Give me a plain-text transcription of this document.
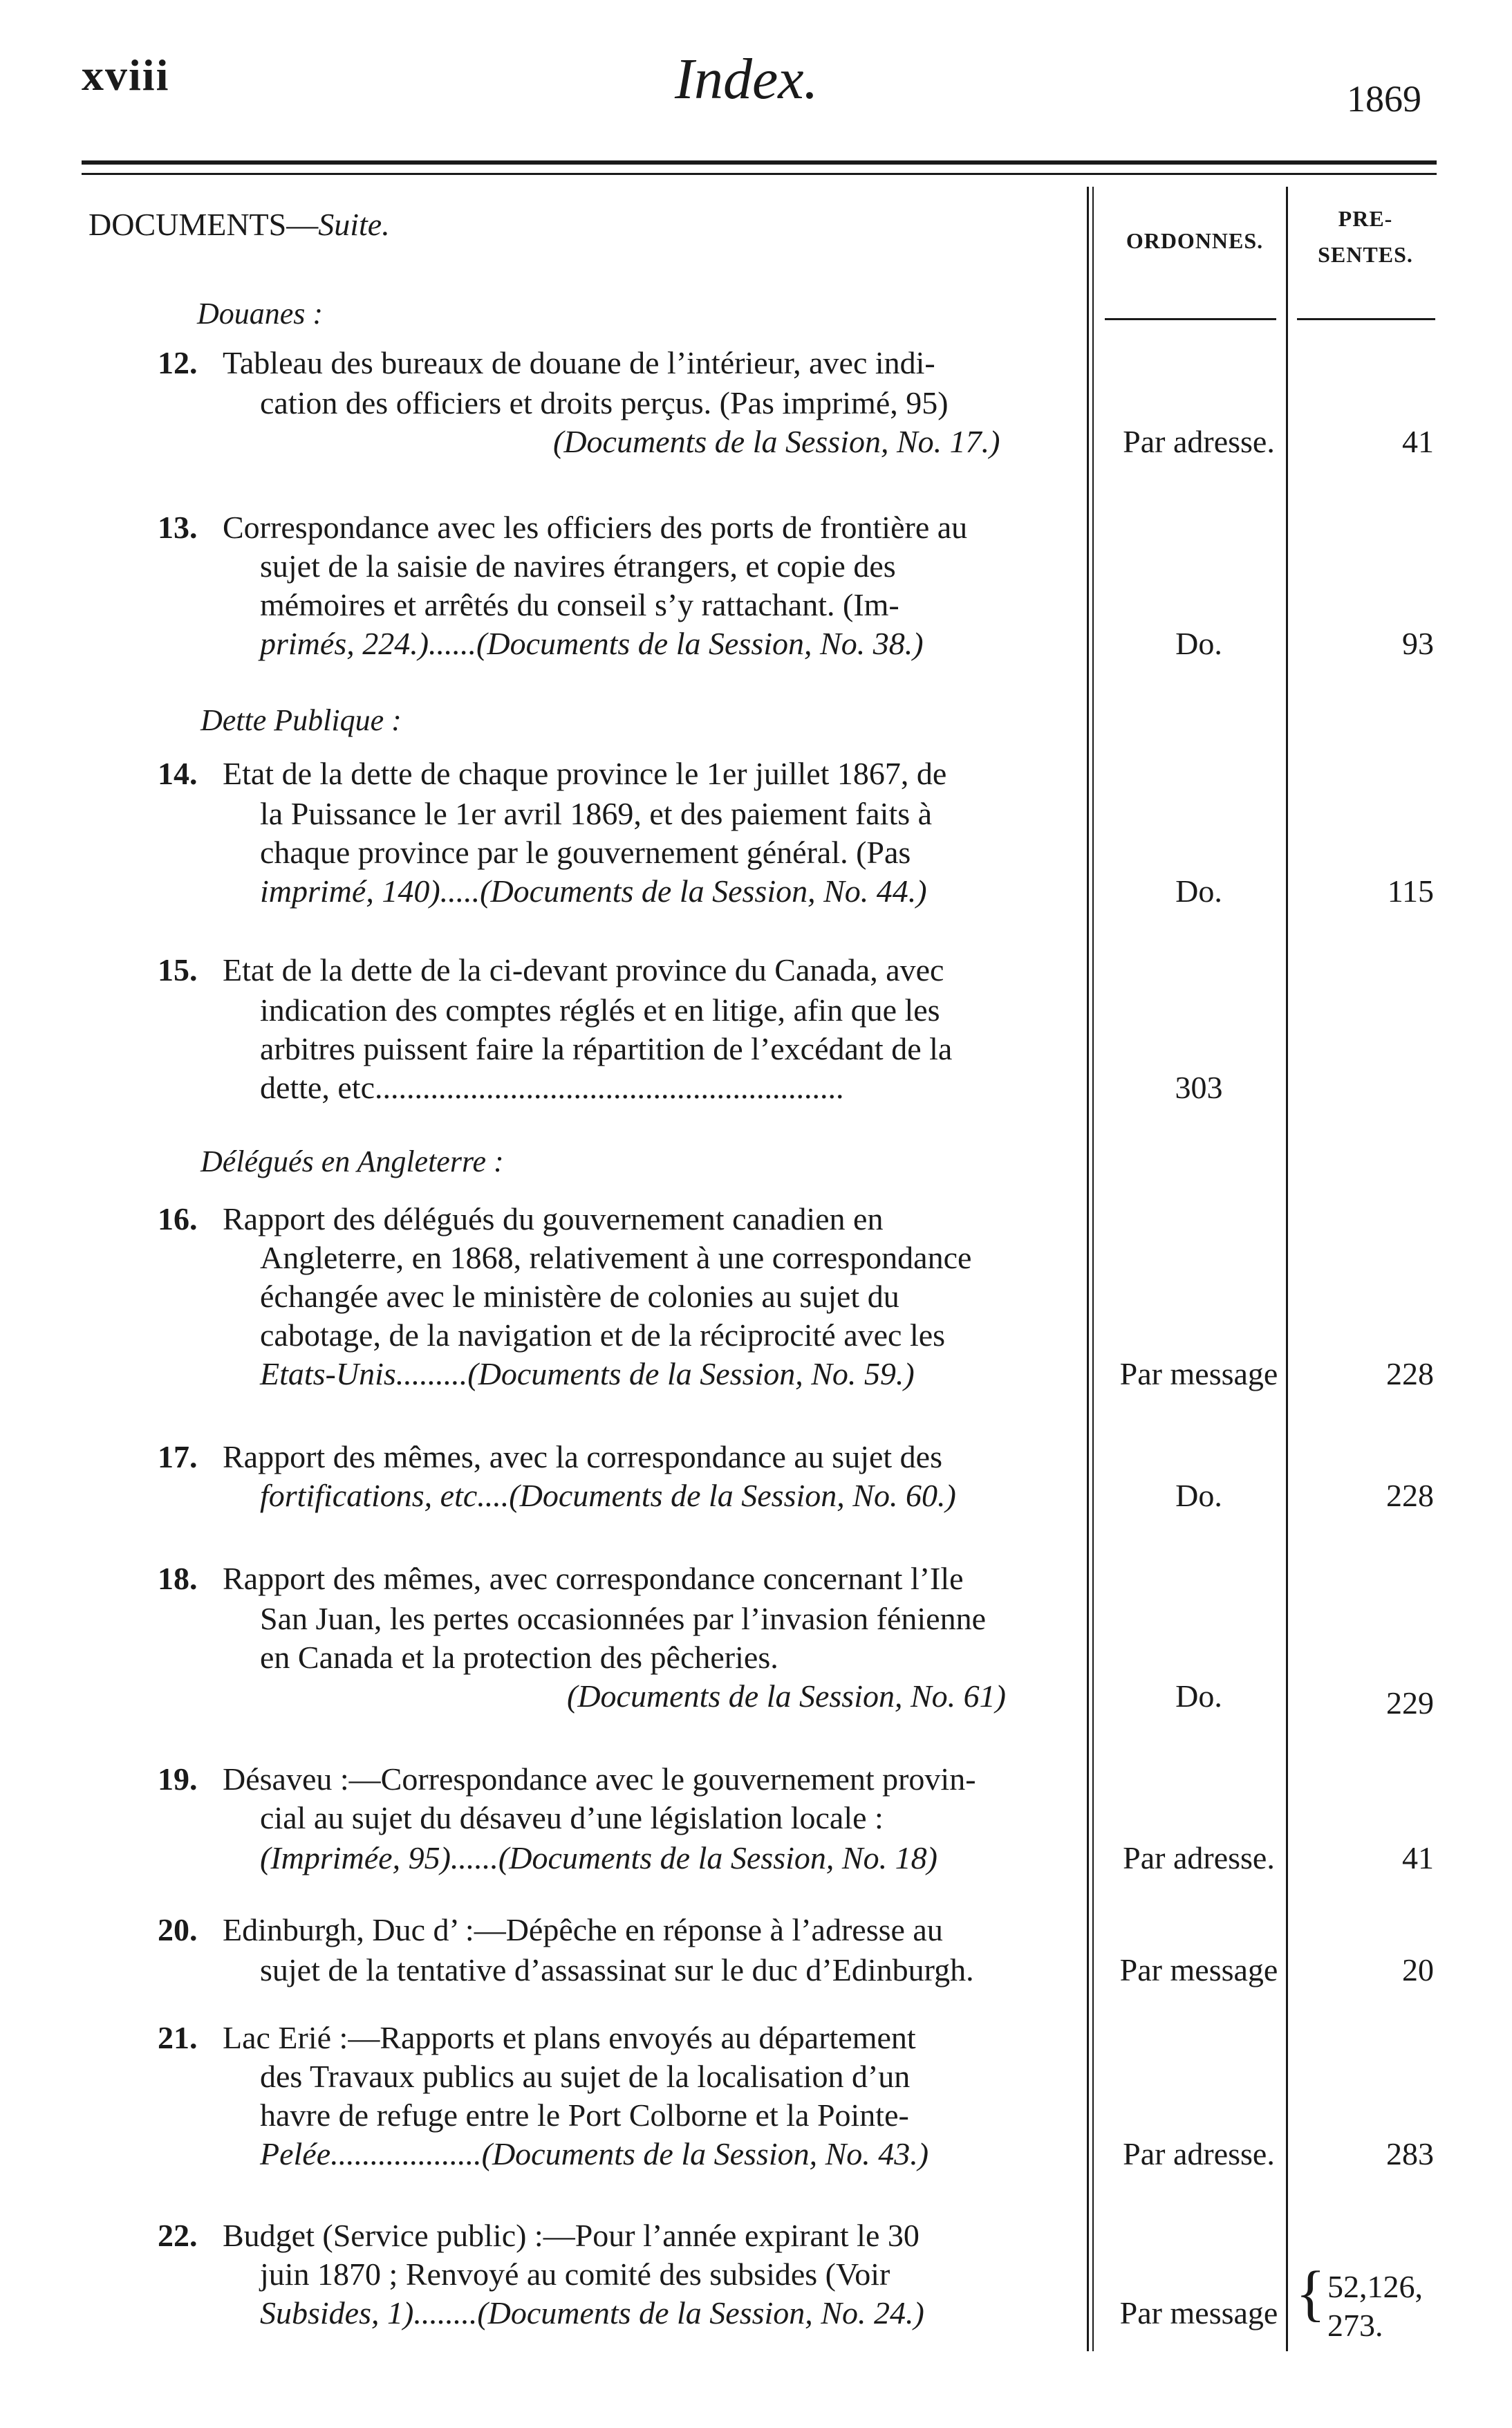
xviii	Index.	1869
DOCUMENTS—Suite.	ORDONNES.
PRE-
SENTES.
Douanes :
12. Tableau des bureaux de douane de l’intérieur, avec indi-
cation des officiers et droits perçus. (Pas imprimé, 95)
(Documents de la Session, No. 17.)	Par adresse.	41
13. Correspondance avec les officiers des ports de frontière au
sujet de la saisie de navires étrangers, et copie des
mémoires et arrêtés du conseil s’y rattachant. (Im-
primés, 224.)......(Documents de la Session, No. 38.)	Do.	93
Dette Publique :
14. Etat de la dette de chaque province le 1er juillet 1867, de
la Puissance le 1er avril 1869, et des paiement faits à
chaque province par le gouvernement général. (Pas
imprimé, 140).....(Documents de la Session, No. 44.)	Do.	115
15. Etat de la dette de la ci-devant province du Canada, avec
indication des comptes réglés et en litige, afin que les
arbitres puissent faire la répartition de l’excédant de la
dette, etc...........................................................	303
Délégués en Angleterre :
16. Rapport des délégués du gouvernement canadien en
Angleterre, en 1868, relativement à une correspondance
échangée avec le ministère de colonies au sujet du
cabotage, de la navigation et de la réciprocité avec les
Etats-Unis.........(Documents de la Session, No. 59.)	Par message	228
17. Rapport des mêmes, avec la correspondance au sujet des
fortifications, etc....(Documents de la Session, No. 60.)	Do.	228
18. Rapport des mêmes, avec correspondance concernant l’Ile
San Juan, les pertes occasionnées par l’invasion fénienne
en Canada et la protection des pêcheries.
(Documents de la Session, No. 61)	Do.	229
19. Désaveu :—Correspondance avec le gouvernement provin-
cial au sujet du désaveu d’une législation locale :
(Imprimée, 95)......(Documents de la Session, No. 18)	Par adresse.	41
20. Edinburgh, Duc d’ :—Dépêche en réponse à l’adresse au
sujet de la tentative d’assassinat sur le duc d’Edinburgh.	Par message	20
21. Lac Erié :—Rapports et plans envoyés au département
des Travaux publics au sujet de la localisation d’un
havre de refuge entre le Port Colborne et la Pointe-
Pelée...................(Documents de la Session, No. 43.)	Par adresse.	283
22. Budget (Service public) :—Pour l’année expirant le 30
juin 1870 ; Renvoyé au comité des subsides (Voir
Subsides, 1)........(Documents de la Session, No. 24.)	Par message { 52,126,
273.
